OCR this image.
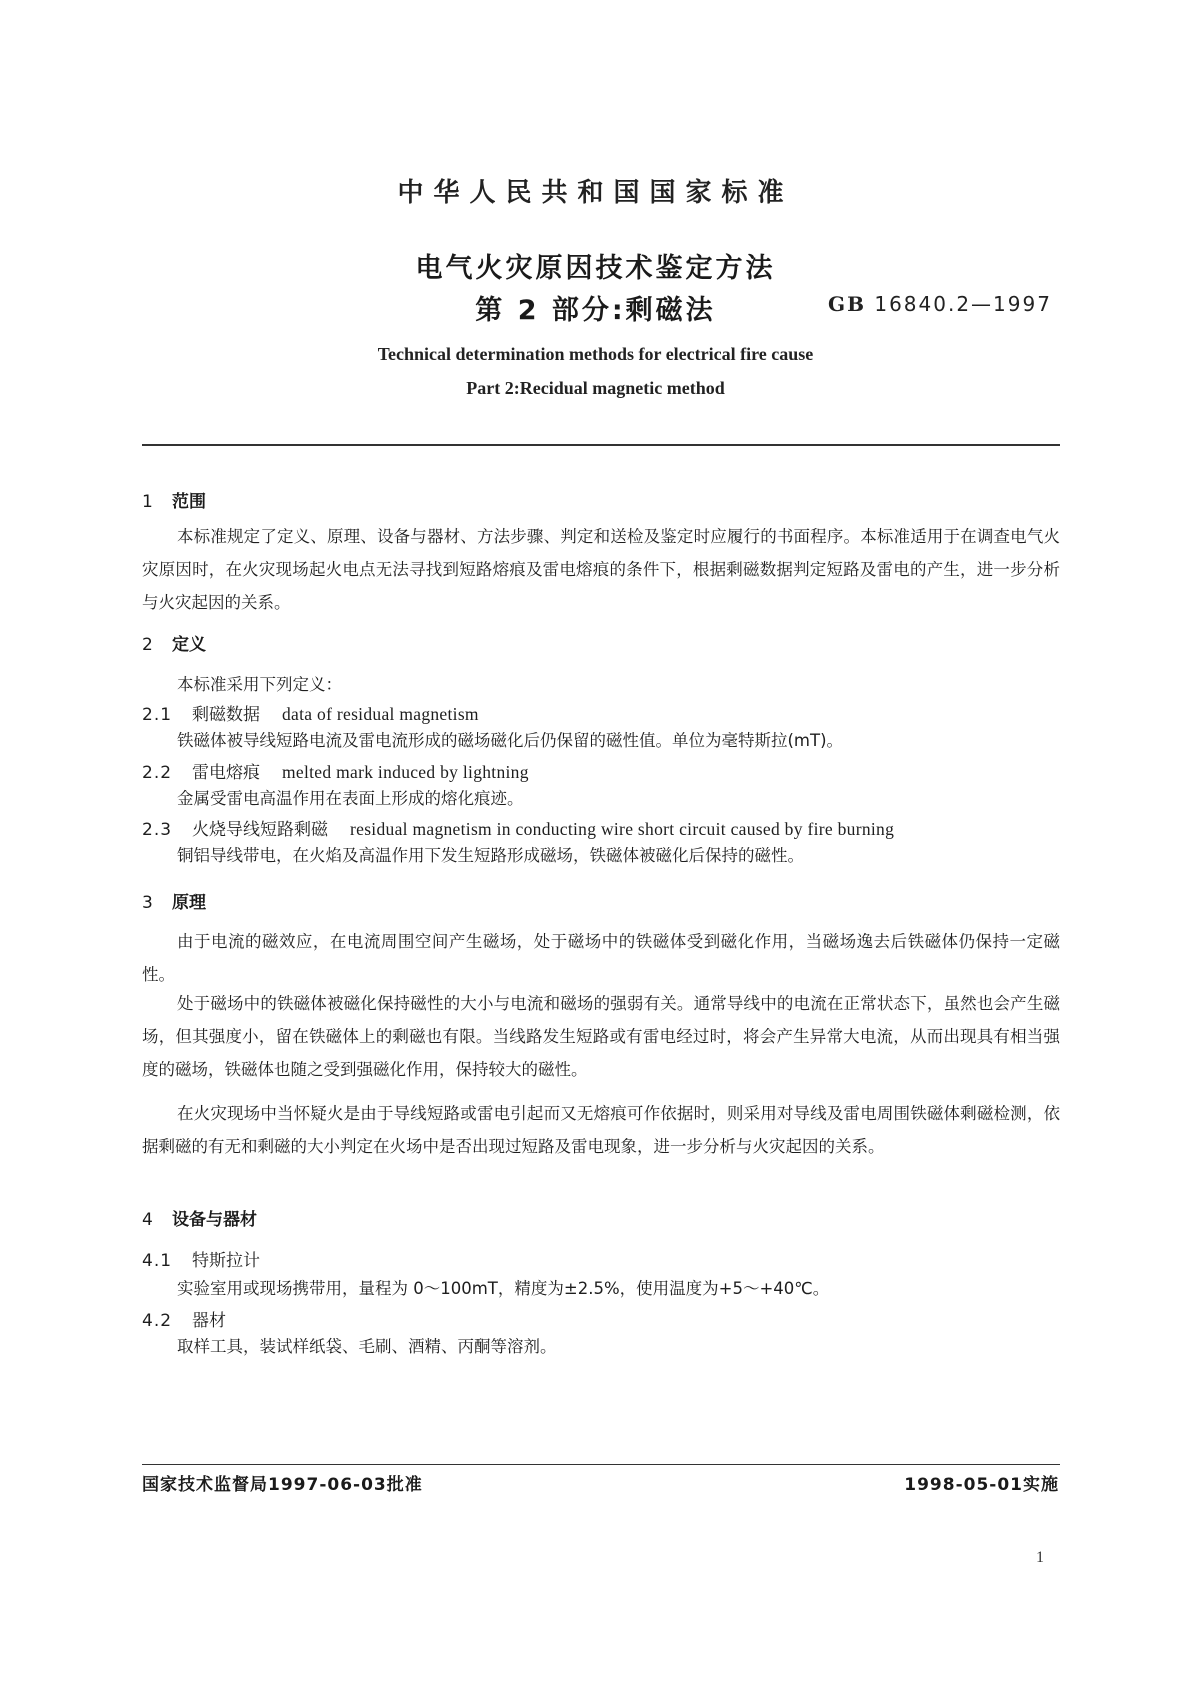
中华人民共和国国家标准
电气火灾原因技术鉴定方法
第 2 部分:剩磁法	GB 16840.2—1997
Technical determination methods for electrical fire cause
Part 2:Recidual magnetic method
1 范围
本标准规定了定义、原理、设备与器材、方法步骤、判定和送检及鉴定时应履行的书面程序。本标准适用于在调查电气火灾原因时，在火灾现场起火电点无法寻找到短路熔痕及雷电熔痕的条件下，根据剩磁数据判定短路及雷电的产生，进一步分析与火灾起因的关系。
2 定义
本标准采用下列定义：
2.1 剩磁数据 data of residual magnetism
铁磁体被导线短路电流及雷电流形成的磁场磁化后仍保留的磁性值。单位为毫特斯拉(mT)。
2.2 雷电熔痕 melted mark induced by lightning
金属受雷电高温作用在表面上形成的熔化痕迹。
2.3 火烧导线短路剩磁 residual magnetism in conducting wire short circuit caused by fire burning
铜铝导线带电，在火焰及高温作用下发生短路形成磁场，铁磁体被磁化后保持的磁性。
3 原理
由于电流的磁效应，在电流周围空间产生磁场，处于磁场中的铁磁体受到磁化作用，当磁场逸去后铁磁体仍保持一定磁性。
处于磁场中的铁磁体被磁化保持磁性的大小与电流和磁场的强弱有关。通常导线中的电流在正常状态下，虽然也会产生磁场，但其强度小，留在铁磁体上的剩磁也有限。当线路发生短路或有雷电经过时，将会产生异常大电流，从而出现具有相当强度的磁场，铁磁体也随之受到强磁化作用，保持较大的磁性。
在火灾现场中当怀疑火是由于导线短路或雷电引起而又无熔痕可作依据时，则采用对导线及雷电周围铁磁体剩磁检测，依据剩磁的有无和剩磁的大小判定在火场中是否出现过短路及雷电现象，进一步分析与火灾起因的关系。
4 设备与器材
4.1 特斯拉计
实验室用或现场携带用，量程为 0～100mT，精度为±2.5%，使用温度为+5～+40℃。
4.2 器材
取样工具，装试样纸袋、毛刷、酒精、丙酮等溶剂。
国家技术监督局1997-06-03批准	1998-05-01实施
1
